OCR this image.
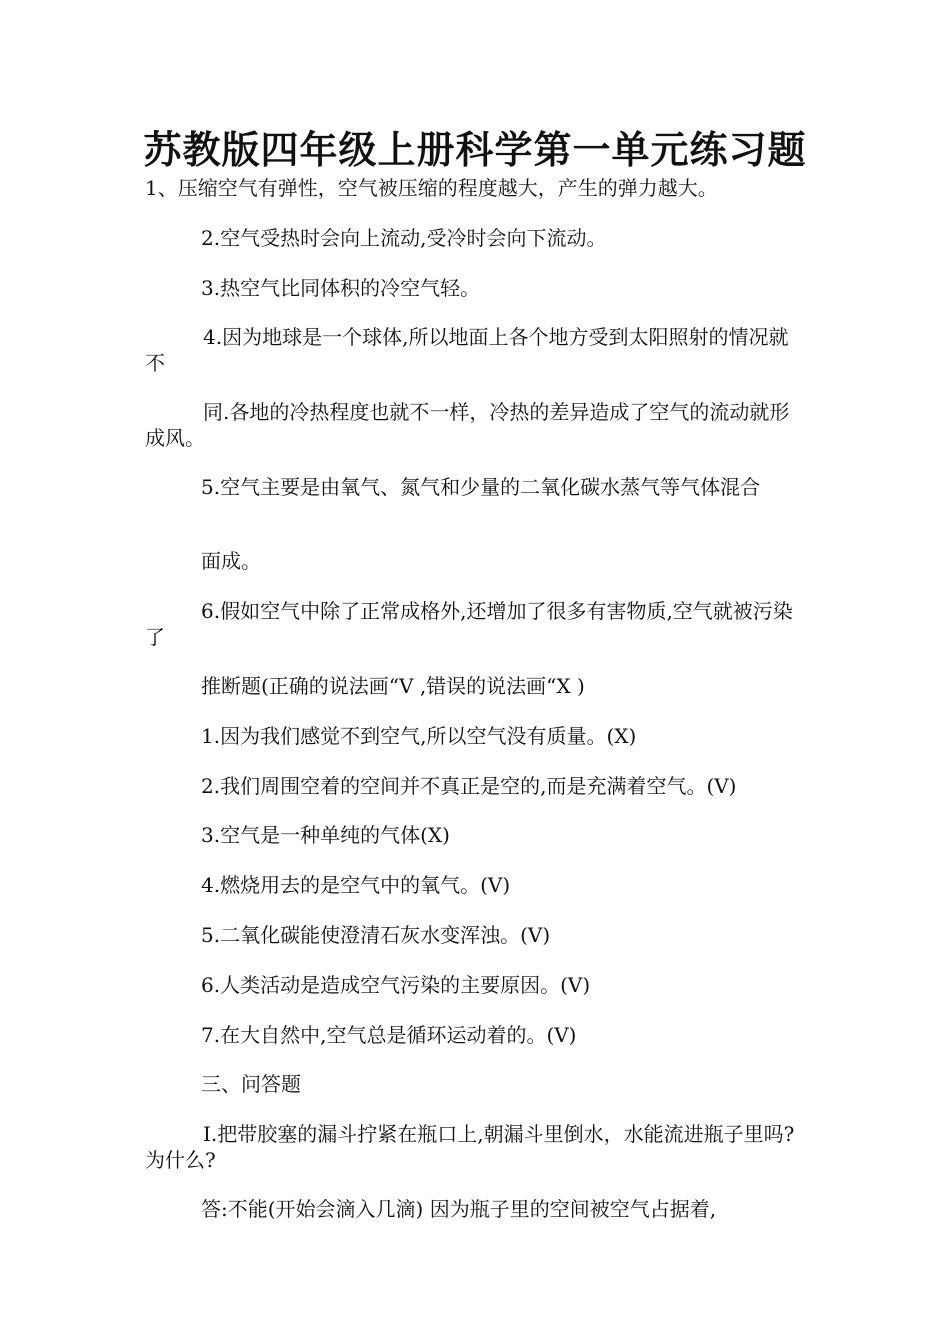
苏教版四年级上册科学第一单元练习题

1、压缩空气有弹性，空气被压缩的程度越大，产生的弹力越大。

2.空气受热时会向上流动,受冷时会向下流动。

3.热空气比同体积的冷空气轻。

4.因为地球是一个球体,所以地面上各个地方受到太阳照射的情况就不

同.各地的冷热程度也就不一样，冷热的差异造成了空气的流动就形成风。

5.空气主要是由氧气、氮气和少量的二氧化碳水蒸气等气体混合

面成。

6.假如空气中除了正常成格外,还增加了很多有害物质,空气就被污染了

推断题(正确的说法画“V ,错误的说法画“X )

1.因为我们感觉不到空气,所以空气没有质量。(X)

2.我们周围空着的空间并不真正是空的,而是充满着空气。(V)

3.空气是一种单纯的气体(X)

4.燃烧用去的是空气中的氧气。(V)

5.二氧化碳能使澄清石灰水变浑浊。(V)

6.人类活动是造成空气污染的主要原因。(V)

7.在大自然中,空气总是循环运动着的。(V)

三、问答题

I.把带胶塞的漏斗拧紧在瓶口上,朝漏斗里倒水，水能流进瓶子里吗? 为什么?

答:不能(开始会滴入几滴) 因为瓶子里的空间被空气占据着,
